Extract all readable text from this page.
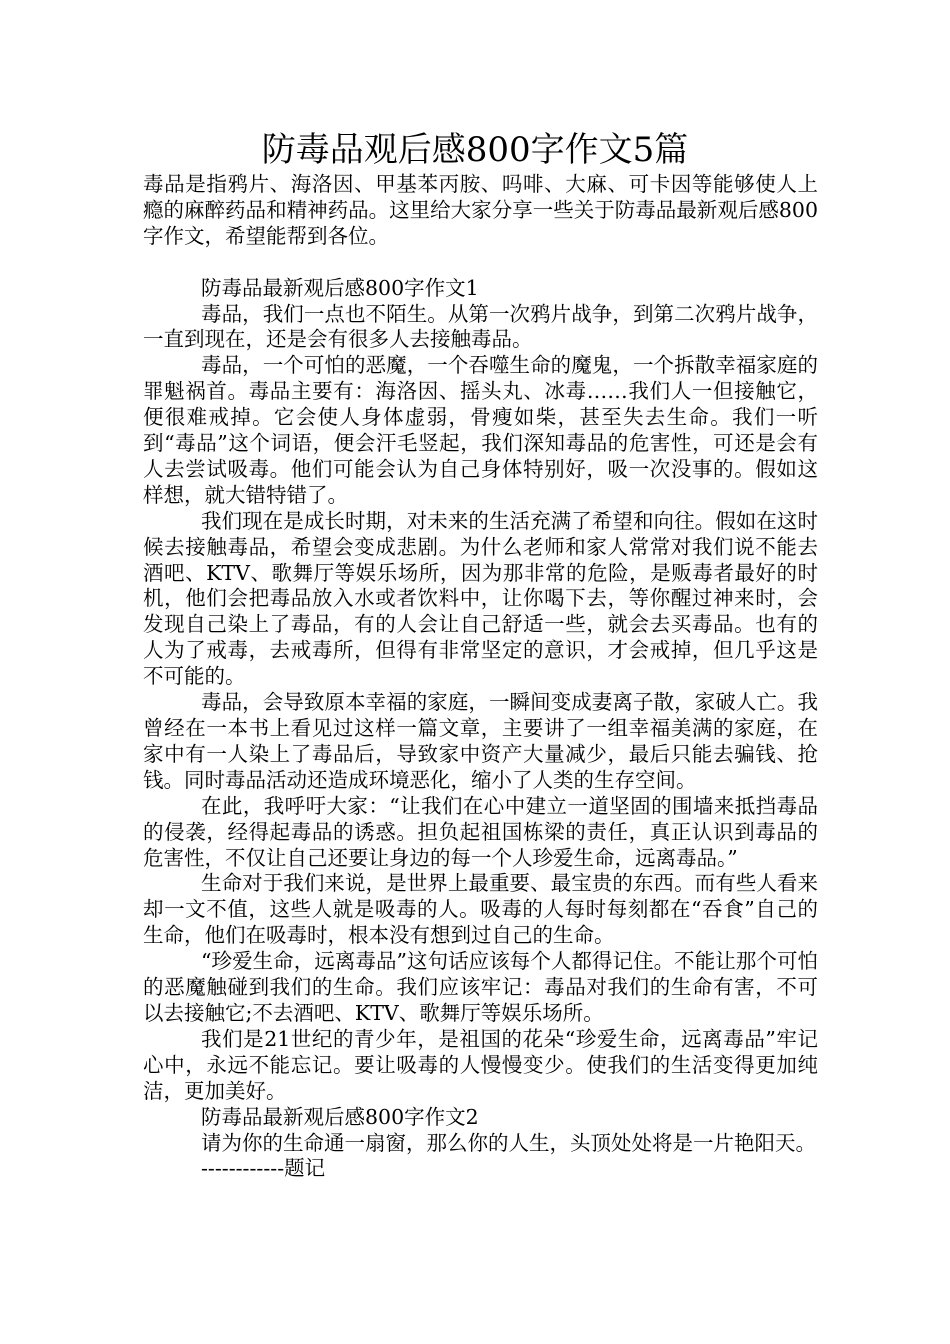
防毒品观后感800字作文5篇

毒品是指鸦片、海洛因、甲基苯丙胺、吗啡、大麻、可卡因等能够使人上瘾的麻醉药品和精神药品。这里给大家分享一些关于防毒品最新观后感800字作文，希望能帮到各位。

防毒品最新观后感800字作文1

毒品，我们一点也不陌生。从第一次鸦片战争，到第二次鸦片战争，一直到现在，还是会有很多人去接触毒品。

毒品，一个可怕的恶魔，一个吞噬生命的魔鬼，一个拆散幸福家庭的罪魁祸首。毒品主要有：海洛因、摇头丸、冰毒……我们人一但接触它，便很难戒掉。它会使人身体虚弱，骨瘦如柴，甚至失去生命。我们一听到“毒品”这个词语，便会汗毛竖起，我们深知毒品的危害性，可还是会有人去尝试吸毒。他们可能会认为自己身体特别好，吸一次没事的。假如这样想，就大错特错了。

我们现在是成长时期，对未来的生活充满了希望和向往。假如在这时候去接触毒品，希望会变成悲剧。为什么老师和家人常常对我们说不能去酒吧、KTV、歌舞厅等娱乐场所，因为那非常的危险，是贩毒者最好的时机，他们会把毒品放入水或者饮料中，让你喝下去，等你醒过神来时，会发现自己染上了毒品，有的人会让自己舒适一些，就会去买毒品。也有的人为了戒毒，去戒毒所，但得有非常坚定的意识，才会戒掉，但几乎这是不可能的。

毒品，会导致原本幸福的家庭，一瞬间变成妻离子散，家破人亡。我曾经在一本书上看见过这样一篇文章，主要讲了一组幸福美满的家庭，在家中有一人染上了毒品后，导致家中资产大量减少，最后只能去骗钱、抢钱。同时毒品活动还造成环境恶化，缩小了人类的生存空间。

在此，我呼吁大家：“让我们在心中建立一道坚固的围墙来抵挡毒品的侵袭，经得起毒品的诱惑。担负起祖国栋梁的责任，真正认识到毒品的危害性，不仅让自己还要让身边的每一个人珍爱生命，远离毒品。”

生命对于我们来说，是世界上最重要、最宝贵的东西。而有些人看来却一文不值，这些人就是吸毒的人。吸毒的人每时每刻都在“吞食”自己的生命，他们在吸毒时，根本没有想到过自己的生命。

“珍爱生命，远离毒品”这句话应该每个人都得记住。不能让那个可怕的恶魔触碰到我们的生命。我们应该牢记：毒品对我们的生命有害，不可以去接触它;不去酒吧、KTV、歌舞厅等娱乐场所。

我们是21世纪的青少年，是祖国的花朵“珍爱生命，远离毒品”牢记心中，永远不能忘记。要让吸毒的人慢慢变少。使我们的生活变得更加纯洁，更加美好。

防毒品最新观后感800字作文2

请为你的生命通一扇窗，那么你的人生，头顶处处将是一片艳阳天。

------------题记
